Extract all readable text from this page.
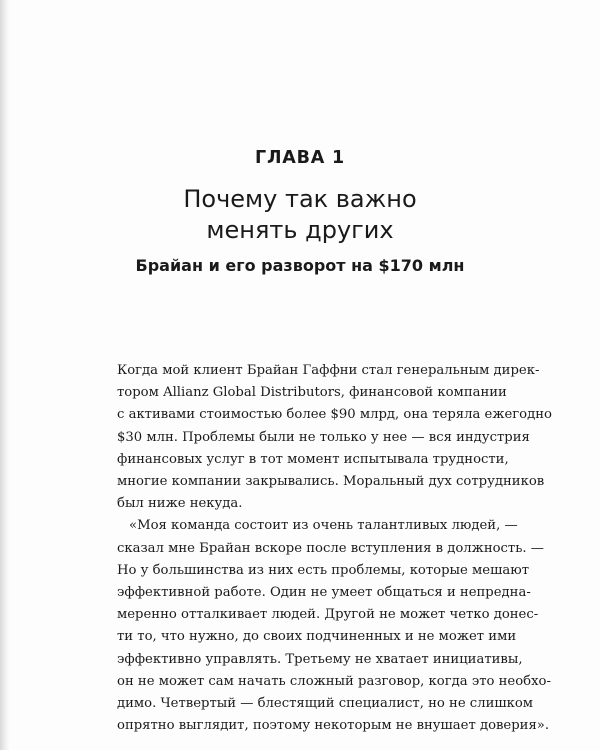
ГЛАВА 1
Почему так важно
менять других
Брайан и его разворот на $170 млн
Когда мой клиент Брайан Гаффни стал генеральным дирек-
тором Allianz Global Distributors, финансовой компании
с активами стоимостью более $90 млрд, она теряла ежегодно
$30 млн. Проблемы были не только у нее — вся индустрия
финансовых услуг в тот момент испытывала трудности,
многие компании закрывались. Моральный дух сотрудников
был ниже некуда.
«Моя команда состоит из очень талантливых людей, —
сказал мне Брайан вскоре после вступления в должность. —
Но у большинства из них есть проблемы, которые мешают
эффективной работе. Один не умеет общаться и непредна-
меренно отталкивает людей. Другой не может четко донес-
ти то, что нужно, до своих подчиненных и не может ими
эффективно управлять. Третьему не хватает инициативы,
он не может сам начать сложный разговор, когда это необхо-
димо. Четвертый — блестящий специалист, но не слишком
опрятно выглядит, поэтому некоторым не внушает доверия».
